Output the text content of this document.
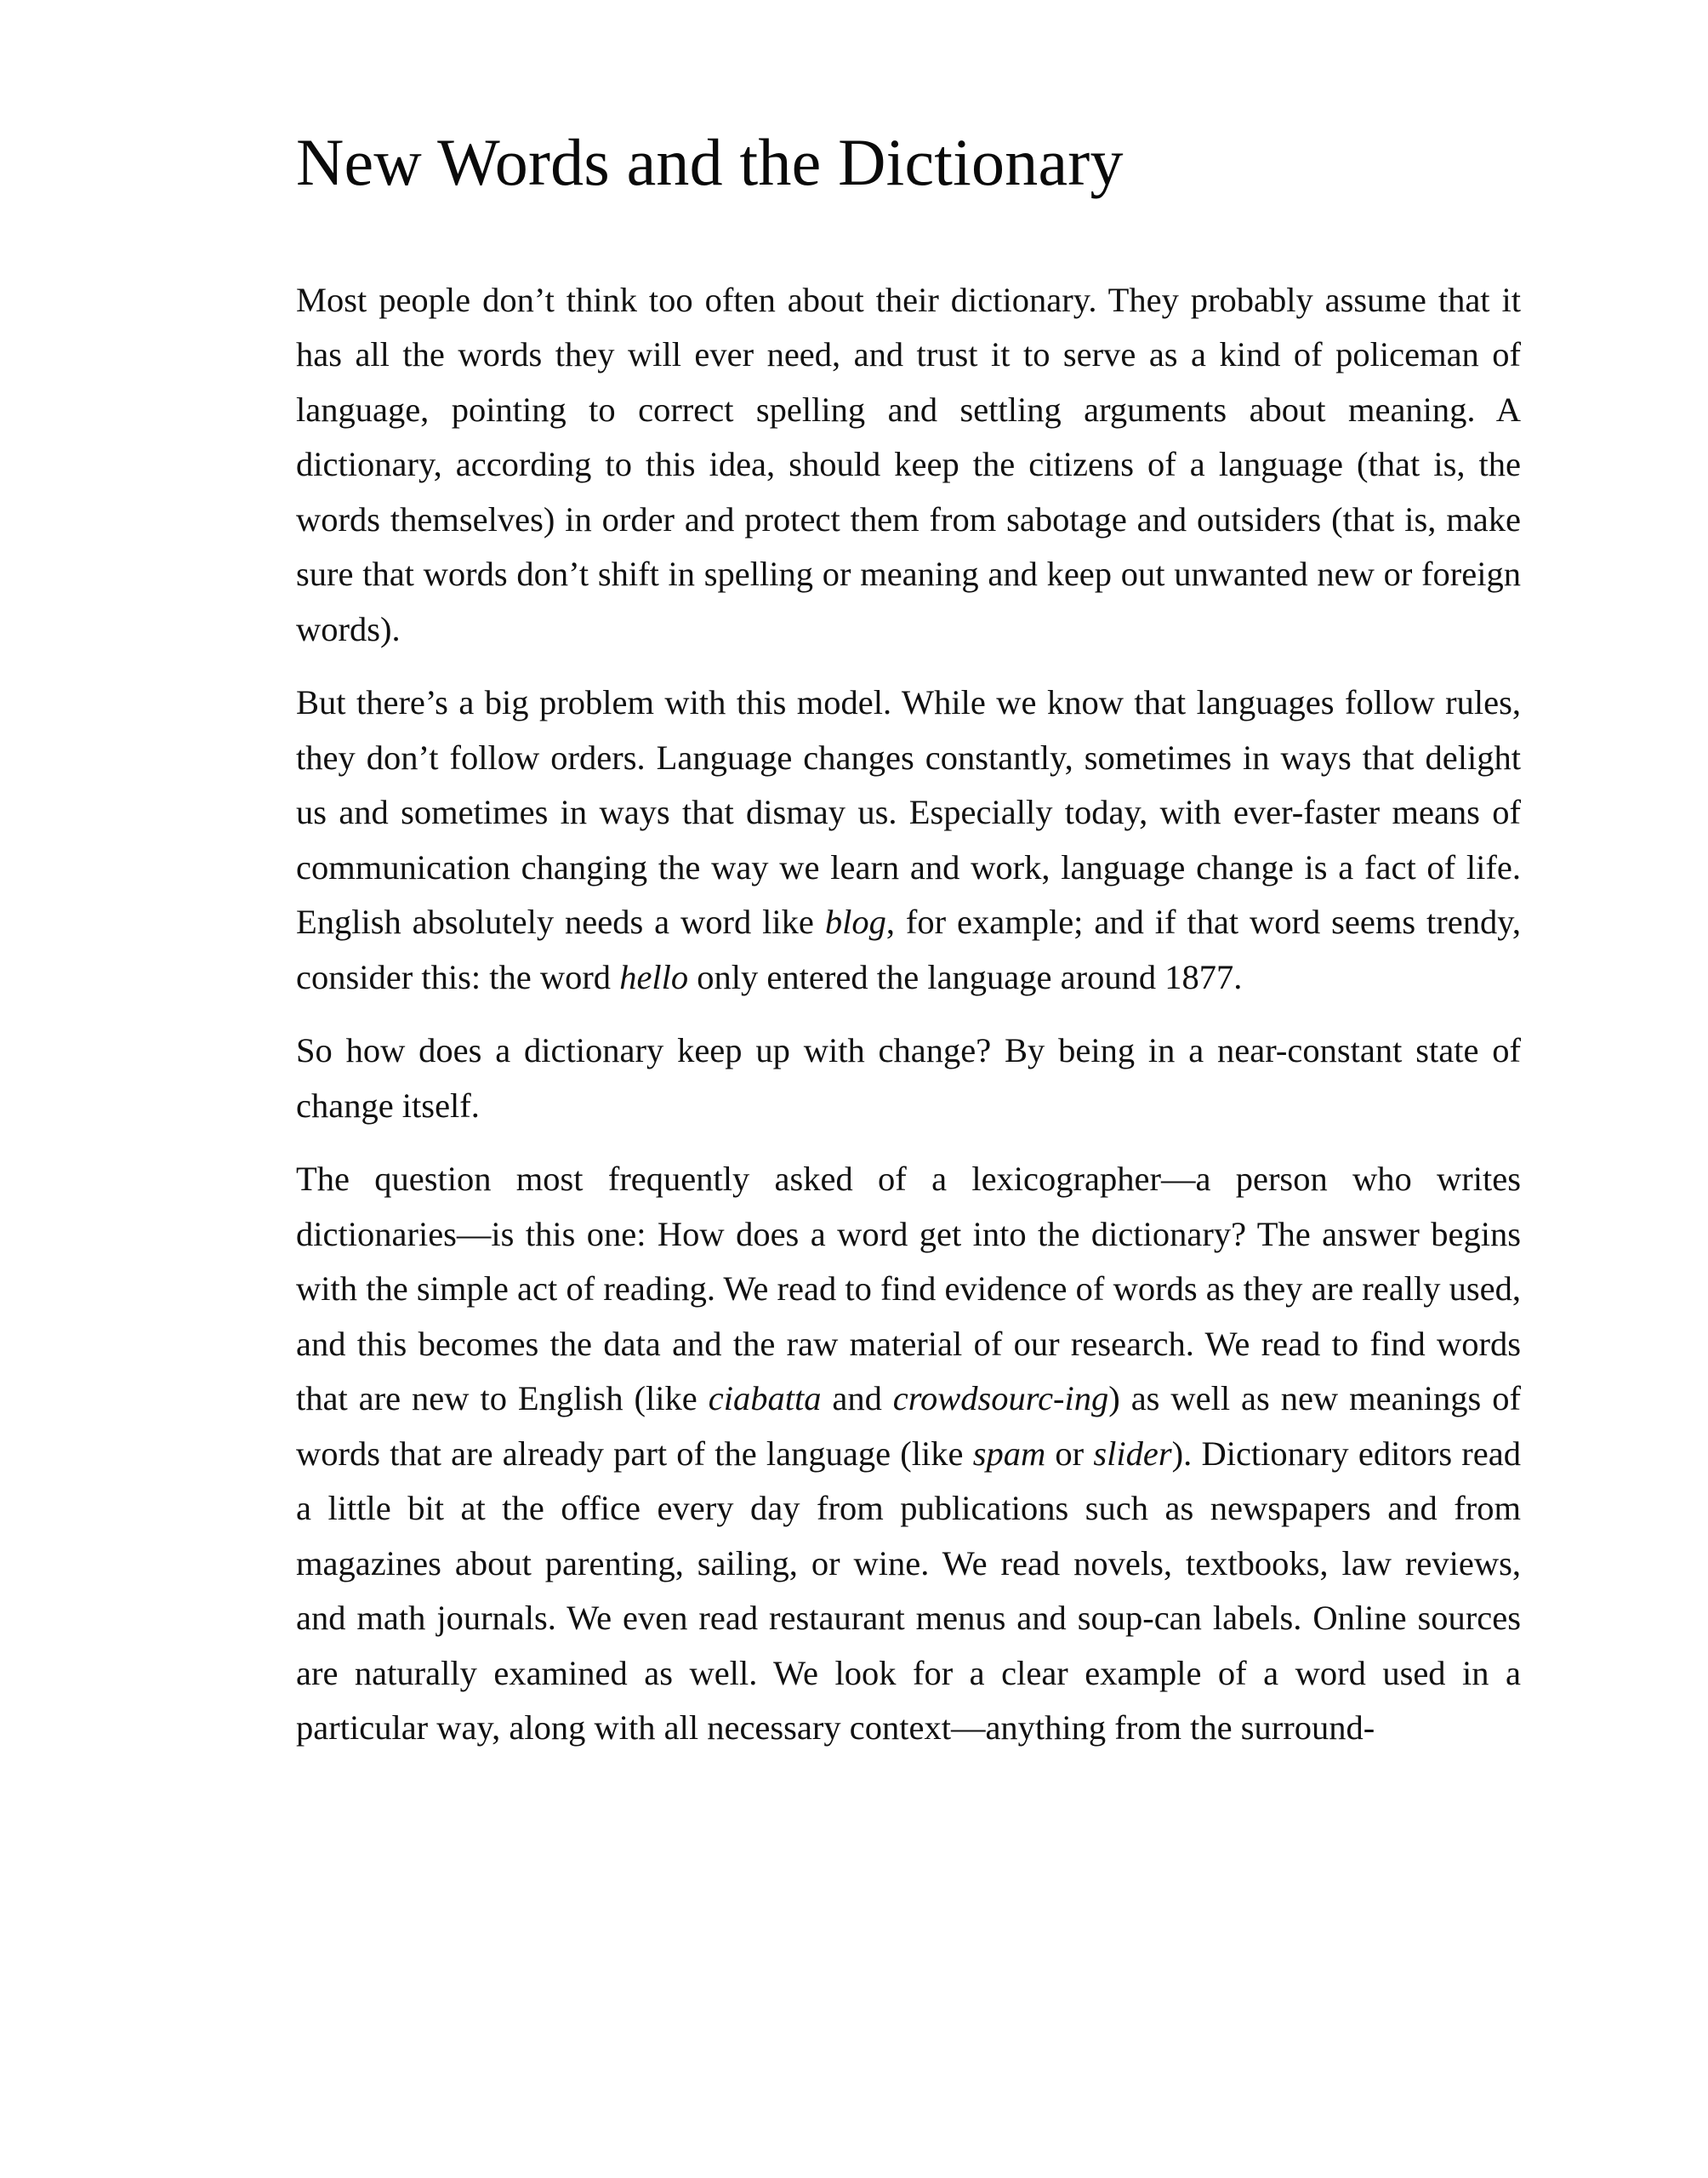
New Words and the Dictionary

Most people don’t think too often about their dictionary. They probably assume that it has all the words they will ever need, and trust it to serve as a kind of policeman of language, pointing to correct spelling and settling arguments about meaning. A dictionary, according to this idea, should keep the citizens of a language (that is, the words themselves) in order and protect them from sabotage and outsiders (that is, make sure that words don’t shift in spelling or meaning and keep out unwanted new or foreign words).

But there’s a big problem with this model. While we know that languages follow rules, they don’t follow orders. Language changes constantly, sometimes in ways that delight us and sometimes in ways that dismay us. Especially today, with ever-faster means of communication changing the way we learn and work, language change is a fact of life. English absolutely needs a word like blog, for example; and if that word seems trendy, consider this: the word hello only entered the language around 1877.

So how does a dictionary keep up with change? By being in a near-constant state of change itself.

The question most frequently asked of a lexicographer—a person who writes dictionaries—is this one: How does a word get into the dictionary? The answer begins with the simple act of reading. We read to find evidence of words as they are really used, and this becomes the data and the raw material of our research. We read to find words that are new to English (like ciabatta and crowdsourc-ing) as well as new meanings of words that are already part of the language (like spam or slider). Dictionary editors read a little bit at the office every day from publications such as newspapers and from magazines about parenting, sailing, or wine. We read novels, textbooks, law reviews, and math journals. We even read restaurant menus and soup-can labels. Online sources are naturally examined as well. We look for a clear example of a word used in a particular way, along with all necessary context—anything from the surround-
